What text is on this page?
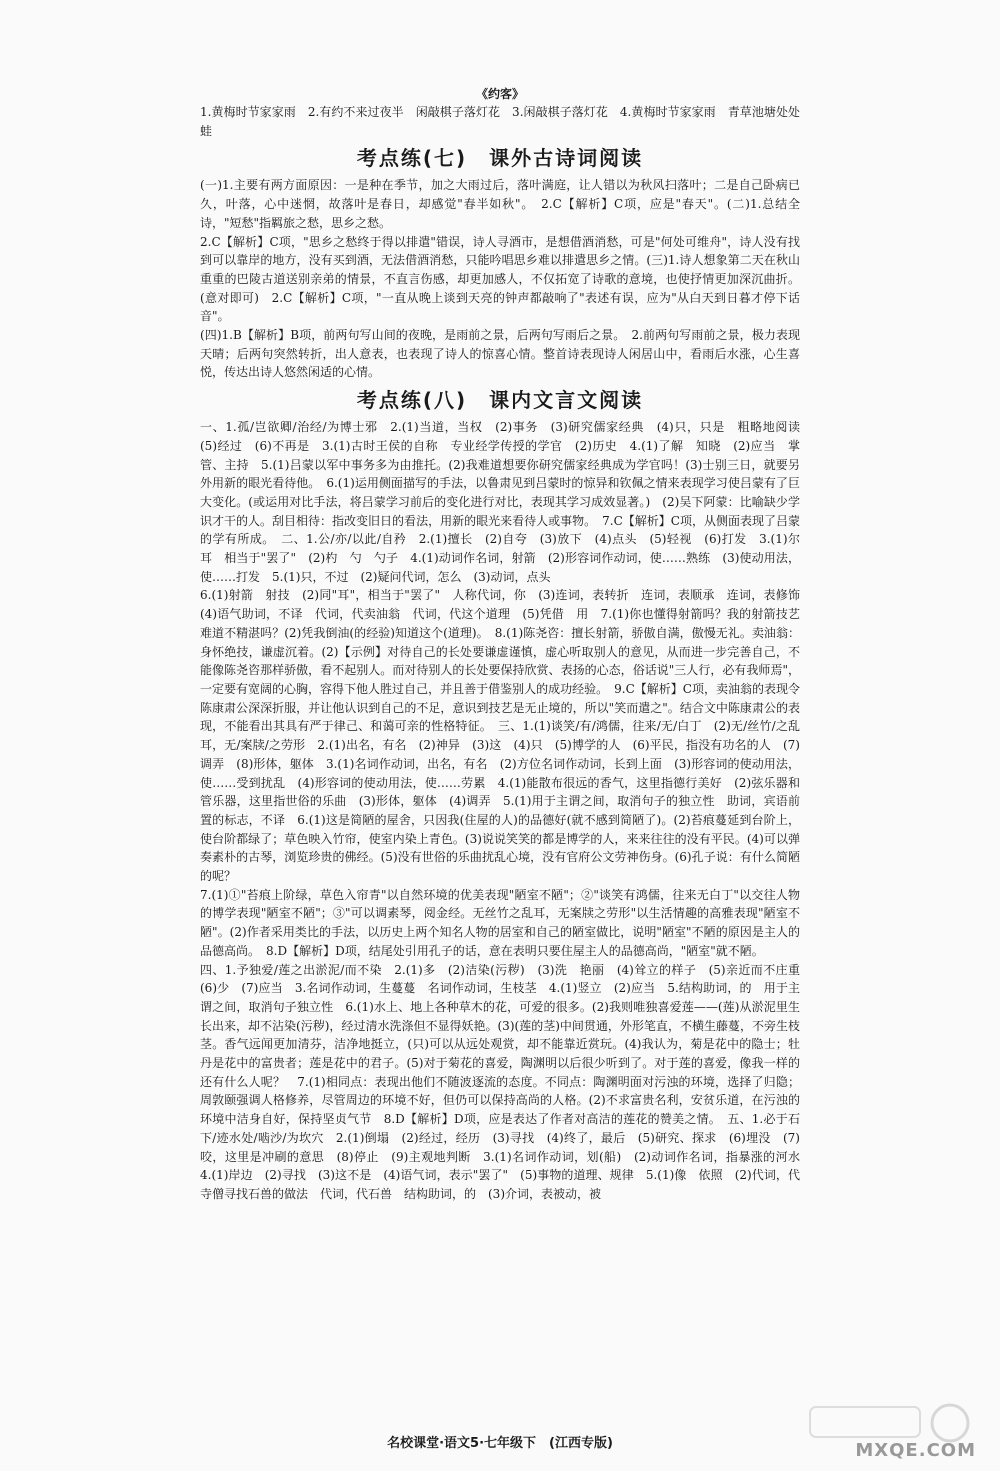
《约客》

1.黄梅时节家家雨　2.有约不来过夜半　闲敲棋子落灯花　3.闲敲棋子落灯花　4.黄梅时节家家雨　青草池塘处处蛙

考点练(七)　课外古诗词阅读

(一)1.主要有两方面原因：一是种在季节，加之大雨过后，落叶满庭，让人错以为秋风扫落叶；二是自己卧病已久，叶落，心中迷惘，故落叶是春日，却感觉"春半如秋"。　2.C【解析】C项，应是"春天"。(二)1.总结全诗，"短愁"指羁旅之愁，思乡之愁。

2.C【解析】C项，"思乡之愁终于得以排遣"错误，诗人寻酒市，是想借酒消愁，可是"何处可维舟"，诗人没有找到可以靠岸的地方，没有买到酒，无法借酒消愁，只能吟唱思乡难以排遣思乡之情。(三)1.诗人想象第二天在秋山重重的巴陵古道送别亲弟的情景，不直言伤感，却更加感人，不仅拓宽了诗歌的意境，也使抒情更加深沉曲折。(意对即可)　2.C【解析】C项，"一直从晚上谈到天亮的钟声都敲响了"表述有误，应为"从白天到日暮才停下话音"。

(四)1.B【解析】B项，前两句写山间的夜晚，是雨前之景，后两句写雨后之景。　2.前两句写雨前之景，极力表现天晴；后两句突然转折，出人意表，也表现了诗人的惊喜心情。整首诗表现诗人闲居山中，看雨后水涨，心生喜悦，传达出诗人悠然闲适的心情。

考点练(八)　课内文言文阅读

一、1.孤/岂欲卿/治经/为博士邪　2.(1)当道，当权　(2)事务　(3)研究儒家经典　(4)只，只是　粗略地阅读　(5)经过　(6)不再是　3.(1)古时王侯的自称　专业经学传授的学官　(2)历史　4.(1)了解　知晓　(2)应当　掌管、主持　5.(1)吕蒙以军中事务多为由推托。(2)我难道想要你研究儒家经典成为学官吗！(3)士别三日，就要另外用新的眼光看待他。　6.(1)运用侧面描写的手法，以鲁肃见到吕蒙时的惊异和钦佩之情来表现学习使吕蒙有了巨大变化。(或运用对比手法，将吕蒙学习前后的变化进行对比，表现其学习成效显著。)　(2)吴下阿蒙：比喻缺少学识才干的人。刮目相待：指改变旧日的看法，用新的眼光来看待人或事物。　7.C【解析】C项，从侧面表现了吕蒙的学有所成。　二、1.公/亦/以此/自矜　2.(1)擅长　(2)自夸　(3)放下　(4)点头　(5)轻视　(6)打发　3.(1)尔　耳　相当于"罢了"　(2)杓　勺　勺子　4.(1)动词作名词，射箭　(2)形容词作动词，使……熟练　(3)使动用法，使……打发　5.(1)只，不过　(2)疑问代词，怎么　(3)动词，点头

6.(1)射箭　射技　(2)同"耳"，相当于"罢了"　人称代词，你　(3)连词，表转折　连词，表顺承　连词，表修饰　(4)语气助词，不译　代词，代卖油翁　代词，代这个道理　(5)凭借　用　7.(1)你也懂得射箭吗？我的射箭技艺难道不精湛吗？(2)凭我倒油(的经验)知道这个(道理)。　8.(1)陈尧咨：擅长射箭，骄傲自满，傲慢无礼。卖油翁：身怀绝技，谦虚沉着。(2)【示例】对待自己的长处要谦虚谨慎，虚心听取别人的意见，从而进一步完善自己，不能像陈尧咨那样骄傲，看不起别人。而对待别人的长处要保持欣赏、表扬的心态，俗话说"三人行，必有我师焉"，一定要有宽阔的心胸，容得下他人胜过自己，并且善于借鉴别人的成功经验。　9.C【解析】C项，卖油翁的表现令陈康肃公深深折服，并让他认识到自己的不足，意识到技艺是无止境的，所以"笑而遣之"。结合文中陈康肃公的表现，不能看出其具有严于律己、和蔼可亲的性格特征。　三、1.(1)谈笑/有/鸿儒，往来/无/白丁　(2)无/丝竹/之乱耳，无/案牍/之劳形　2.(1)出名，有名　(2)神异　(3)这　(4)只　(5)博学的人　(6)平民，指没有功名的人　(7)调弄　(8)形体，躯体　3.(1)名词作动词，出名，有名　(2)方位名词作动词，长到上面　(3)形容词的使动用法，使……受到扰乱　(4)形容词的使动用法，使……劳累　4.(1)能散布很远的香气，这里指德行美好　(2)弦乐器和管乐器，这里指世俗的乐曲　(3)形体，躯体　(4)调弄　5.(1)用于主谓之间，取消句子的独立性　助词，宾语前置的标志，不译　6.(1)这是简陋的屋舍，只因我(住屋的人)的品德好(就不感到简陋了)。(2)苔痕蔓延到台阶上，使台阶都绿了；草色映入竹帘，使室内染上青色。(3)说说笑笑的都是博学的人，来来往往的没有平民。(4)可以弹奏素朴的古琴，浏览珍贵的佛经。(5)没有世俗的乐曲扰乱心境，没有官府公文劳神伤身。(6)孔子说：有什么简陋的呢？

7.(1)①"苔痕上阶绿，草色入帘青"以自然环境的优美表现"陋室不陋"；②"谈笑有鸿儒，往来无白丁"以交往人物的博学表现"陋室不陋"；③"可以调素琴，阅金经。无丝竹之乱耳，无案牍之劳形"以生活情趣的高雅表现"陋室不陋"。(2)作者采用类比的手法，以历史上两个知名人物的居室和自己的陋室做比，说明"陋室"不陋的原因是主人的品德高尚。　8.D【解析】D项，结尾处引用孔子的话，意在表明只要住屋主人的品德高尚，"陋室"就不陋。

四、1.予独爱/莲之出淤泥/而不染　2.(1)多　(2)洁染(污秽)　(3)洗　艳丽　(4)耸立的样子　(5)亲近而不庄重　(6)少　(7)应当　3.名词作动词，生蔓蔓　名词作动词，生枝茎　4.(1)竖立　(2)应当　5.结构助词，的　用于主谓之间，取消句子独立性　6.(1)水上、地上各种草木的花，可爱的很多。(2)我则唯独喜爱莲——(莲)从淤泥里生长出来，却不沾染(污秽)，经过清水洗涤但不显得妖艳。(3)(莲的茎)中间贯通，外形笔直，不横生藤蔓，不旁生枝茎。香气远闻更加清芬，洁净地挺立，(只)可以从远处观赏，却不能靠近赏玩。(4)我认为，菊是花中的隐士；牡丹是花中的富贵者；莲是花中的君子。(5)对于菊花的喜爱，陶渊明以后很少听到了。对于莲的喜爱，像我一样的还有什么人呢？　7.(1)相同点：表现出他们不随波逐流的态度。不同点：陶渊明面对污浊的环境，选择了归隐；周敦颐强调人格修养，尽管周边的环境不好，但仍可以保持高尚的人格。(2)不求富贵名利，安贫乐道，在污浊的环境中洁身自好，保持坚贞气节　8.D【解析】D项，应是表达了作者对高洁的莲花的赞美之情。　五、1.必于石下/迹水处/啮沙/为坎穴　2.(1)倒塌　(2)经过，经历　(3)寻找　(4)终了，最后　(5)研究、探求　(6)埋没　(7)咬，这里是冲刷的意思　(8)停止　(9)主观地判断　3.(1)名词作动词，划(船)　(2)动词作名词，指暴涨的河水　4.(1)岸边　(2)寻找　(3)这不是　(4)语气词，表示"罢了"　(5)事物的道理、规律　5.(1)像　依照　(2)代词，代寺僧寻找石兽的做法　代词，代石兽　结构助词，的　(3)介词，表被动，被

名校课堂·语文5·七年级下　(江西专版)	MXQE.COM
